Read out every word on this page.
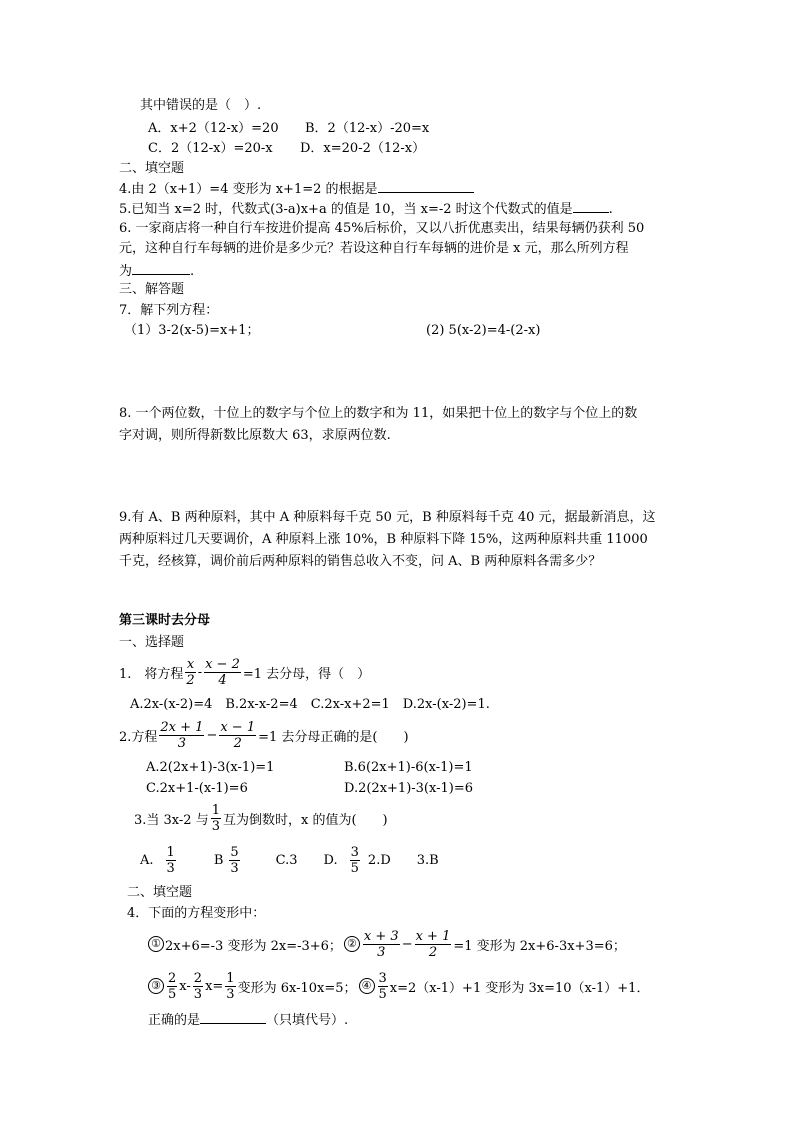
其中错误的是（　）.
A．x+2（12-x）=20 B．2（12-x）-20=x
C．2（12-x）=20-x D．x=20-2（12-x）
二、填空题
4.由 2（x+1）=4 变形为 x+1=2 的根据是
5.已知当 x=2 时，代数式(3-a)x+a 的值是 10，当 x=-2 时这个代数式的值是	.
6. 一家商店将一种自行车按进价提高 45%后标价，又以八折优惠卖出，结果每辆仍获利 50
元，这种自行车每辆的进价是多少元？若设这种自行车每辆的进价是 x 元，那么所列方程
为	.
三、解答题
7．解下列方程：
（1）3-2(x-5)=x+1；	(2) 5(x-2)=4-(2-x)
8. 一个两位数，十位上的数字与个位上的数字和为 11，如果把十位上的数字与个位上的数
字对调，则所得新数比原数大 63，求原两位数.
9.有 A、B 两种原料，其中 A 种原料每千克 50 元，B 种原料每千克 40 元，据最新消息，这
两种原料过几天要调价，A 种原料上涨 10%，B 种原料下降 15%，这两种原料共重 11000
千克，经核算，调价前后两种原料的销售总收入不变，问 A、B 两种原料各需多少？
第三课时去分母
一、选择题
1.　将方程 $\frac{x}{2} - \frac{x - 2}{4} =1$ 去分母，得（　）
A.2x-(x-2)=4　B.2x-x-2=4　C.2x-x+2=1　D.2x-(x-2)=1.
2.方程 $\frac{2x + 1}{3} - \frac{x - 1}{2} =1$ 去分母正确的是(　　)
A.2(2x+1)-3(x-1)=1	B.6(2x+1)-6(x-1)=1
C.2x+1-(x-1)=6	D.2(2x+1)-3(x-1)=6
3.当 3x-2 与 $\frac{1}{3}$ 互为倒数时，x 的值为(　　)
A. $\frac{1}{3}$	B $\frac{5}{3}$	C.3 D. $\frac{3}{5} 2.D$ 3.B
二、填空题
4．下面的方程变形中：
① 2x+6=-3 变形为 2x=-3+6； ② $\frac{x + 3}{3} - \frac{x + 1}{2} =1$ 变形为 2x+6-3x+3=6；
③ $\frac{2}{5} x- \frac{2}{3} x= \frac{1}{3}$ 变形为 6x-10x=5； ④ $\frac{3}{5} x=2(x-1)+1$ 变形为 3x=10（x-1）+1．
正确的是	（只填代号）.
